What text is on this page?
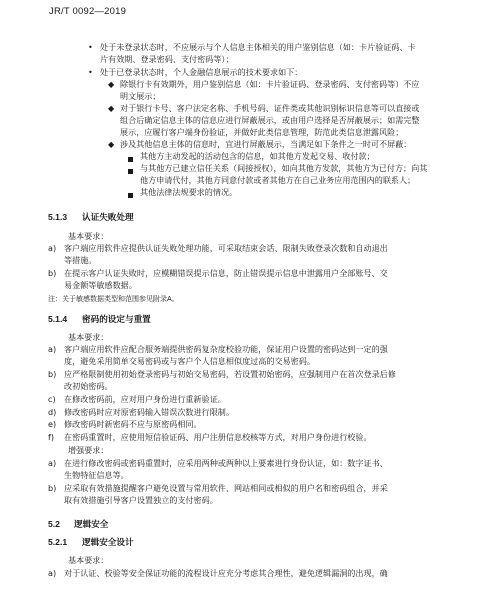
JR/T 0092—2019
• 处于未登录状态时，不应展示与个人信息主体相关的用户鉴别信息（如：卡片验证码、卡
片有效期、登录密码、支付密码等）；
• 处于已登录状态时，个人金融信息展示的技术要求如下：
◆ 除银行卡有效期外，用户鉴别信息（如：卡片验证码、登录密码、支付密码等）不应
明文展示；
◆ 对于银行卡号、客户法定名称、手机号码、证件类或其他识别标识信息等可以直接或
组合后确定信息主体的信息应进行屏蔽展示，或由用户选择是否屏蔽展示；如需完整
展示，应履行客户端身份验证，并做好此类信息管理，防范此类信息泄露风险；
◆ 涉及其他信息主体的信息时，宜进行屏蔽展示，当满足如下条件之一时可不屏蔽：
其他方主动发起的活动包含的信息，如其他方发起交易、收付款；
与其他方已建立信任关系（间接授权），如向其他方发款，其他方为已付方；向其
他方申请代付，其他方同意付款或者其他方在自己业务应用范围内的联系人；
其他法律法规要求的情况。
5.1.3 认证失败处理
基本要求：
a) 客户端应用软件应提供认证失败处理功能，可采取结束会话、限制失败登录次数和自动退出
等措施。
b) 在提示客户认证失败时，应模糊错误提示信息，防止错误提示信息中泄露用户全部账号、交
易金额等敏感数据。
注：关于敏感数据类型和范围参见附录A。
5.1.4 密码的设定与重置
基本要求：
a) 客户端应用软件应配合服务端提供密码复杂度校验功能，保证用户设置的密码达到一定的强
度，避免采用简单交易密码或与客户个人信息相似度过高的交易密码。
b) 应严格限制使用初始登录密码与初始交易密码，若设置初始密码，应强制用户在首次登录后修
改初始密码。
c) 在修改密码前，应对用户身份进行重新验证。
d) 修改密码时应对原密码输入错误次数进行限制。
e) 修改密码时新密码不应与原密码相同。
f) 在密码重置时，应使用短信验证码、用户注册信息校核等方式，对用户身份进行校验。
增强要求：
a) 在进行修改密码或密码重置时，应采用两种或两种以上要素进行身份认证，如：数字证书、
生物特征信息等。
b) 应采取有效措施提醒客户避免设置与常用软件、网站相同或相似的用户名和密码组合，并采
取有效措施引导客户设置独立的支付密码。
5.2 逻辑安全
5.2.1 逻辑安全设计
基本要求：
a) 对于认证、校验等安全保证功能的流程设计应充分考虑其合理性，避免逻辑漏洞的出现，确
